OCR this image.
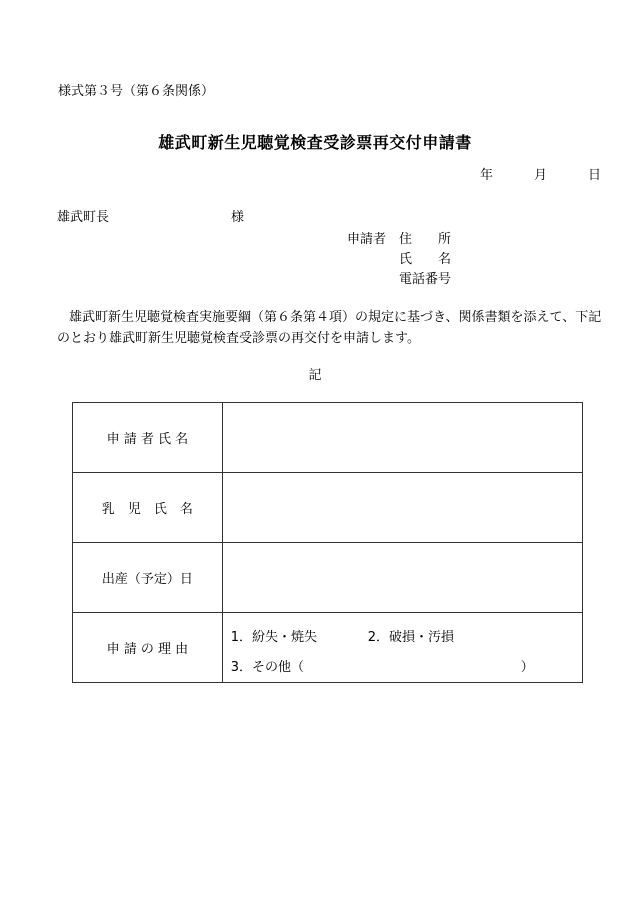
様式第３号（第６条関係）
雄武町新生児聴覚検査受診票再交付申請書
年	月	日
雄武町長	様
申請者 住　　所
氏　　名
電話番号
雄武町新生児聴覚検査実施要綱（第６条第４項）の規定に基づき、関係書類を添えて、下記のとおり雄武町新生児聴覚検査受診票の再交付を申請します。
記
申 請 者 氏 名	
乳　児　氏　名	
出産（予定）日	
申 請 の 理 由	1．紛失・焼失 2．破損・汚損
3．その他（ ）
